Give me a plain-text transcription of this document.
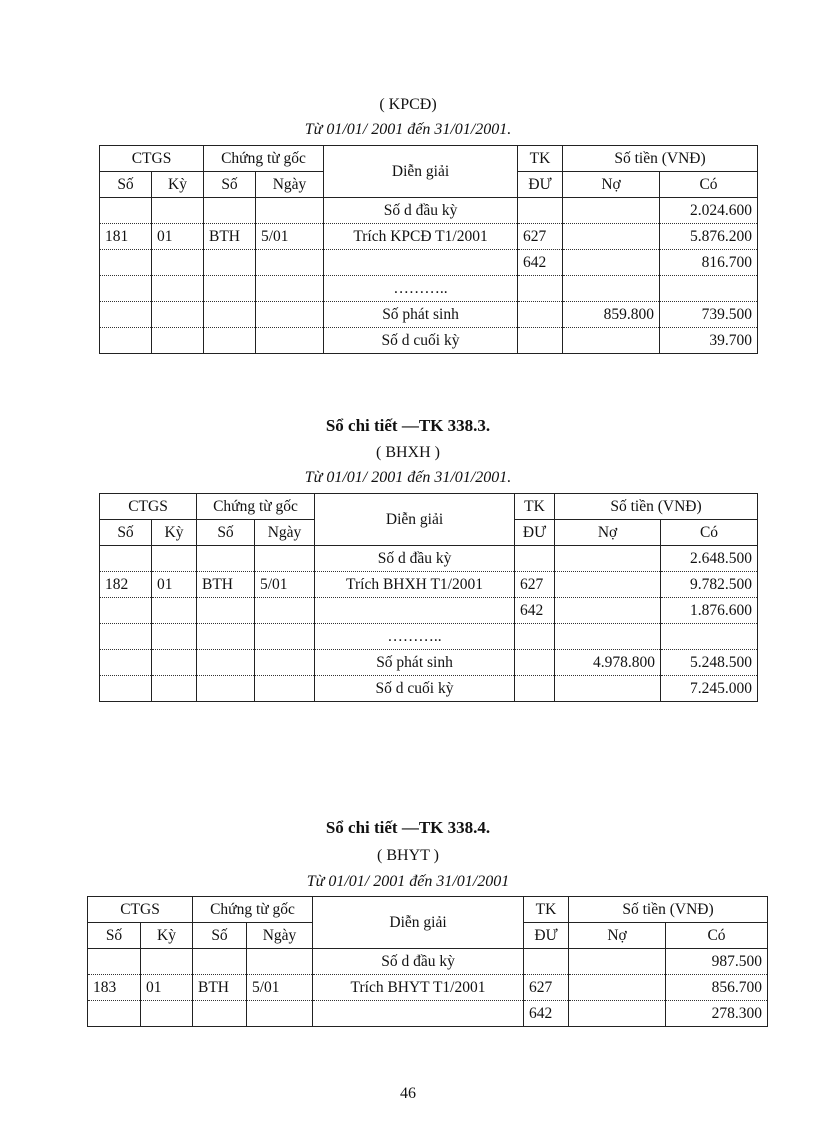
( KPCĐ)
Từ 01/01/ 2001 đến 31/01/2001.
CTGS		Chứng từ gốc		Diễn giải	TK	Số tiền (VNĐ)	
Số	Kỳ	Số	Ngày		ĐƯ	Nợ	Có
				Số d đầu kỳ			2.024.600
181	01	BTH	5/01	Trích KPCĐ T1/2001	627		5.876.200
					642		816.700
				………..			
				Số phát sinh		859.800	739.500
				Số d cuối kỳ			39.700
Sổ chi tiết —TK 338.3.
( BHXH )
Từ 01/01/ 2001 đến 31/01/2001.
CTGS		Chứng từ gốc		Diễn giải	TK	Số tiền (VNĐ)	
Số	Kỳ	Số	Ngày		ĐƯ	Nợ	Có
				Số d đầu kỳ			2.648.500
182	01	BTH	5/01	Trích BHXH T1/2001	627		9.782.500
					642		1.876.600
				………..			
				Số phát sinh		4.978.800	5.248.500
				Số d cuối kỳ			7.245.000
Sổ chi tiết —TK 338.4.
( BHYT )
Từ 01/01/ 2001 đến 31/01/2001
CTGS		Chứng từ gốc		Diễn giải	TK	Số tiền (VNĐ)	
Số	Kỳ	Số	Ngày		ĐƯ	Nợ	Có
				Số d đầu kỳ			987.500
183	01	BTH	5/01	Trích BHYT T1/2001	627		856.700
					642		278.300
46
